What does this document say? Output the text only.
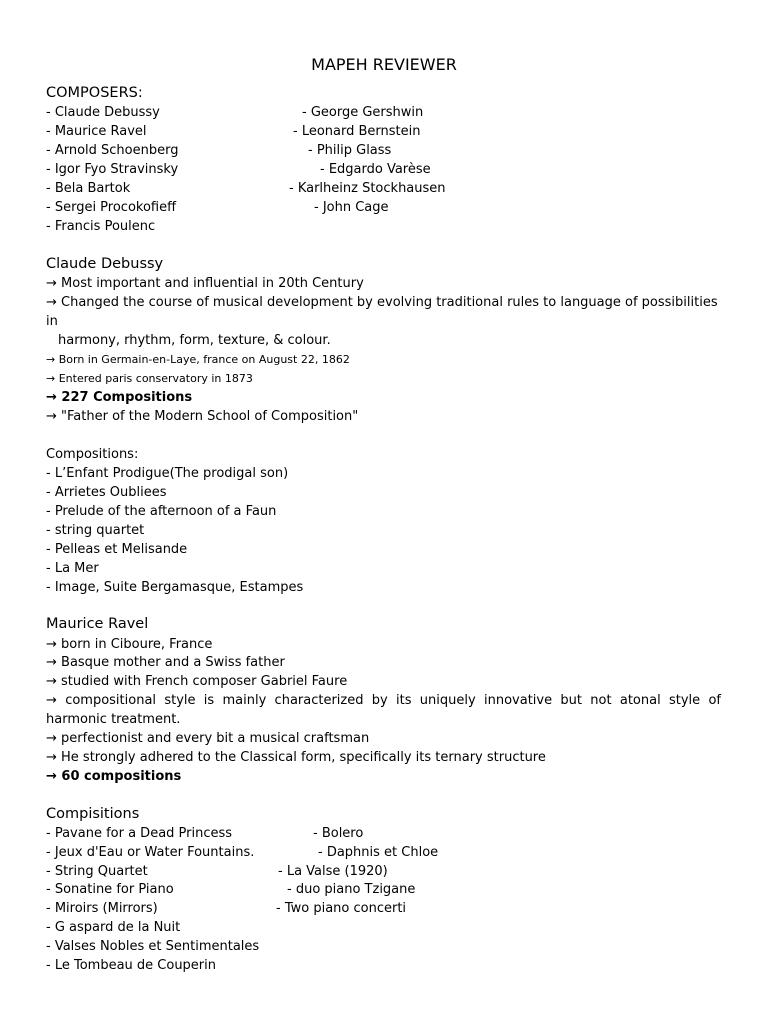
MAPEH REVIEWER
COMPOSERS:
- Claude Debussy
- Maurice Ravel
- Arnold Schoenberg
- Igor Fyo Stravinsky
- Bela Bartok
- Sergei Procokofieff
- Francis Poulenc
- George Gershwin
- Leonard Bernstein
- Philip Glass
- Edgardo Varèse
- Karlheinz Stockhausen
- John Cage
Claude Debussy
→ Most important and influential in 20th Century
→ Changed the course of musical development by evolving traditional rules to language of possibilities
in
harmony, rhythm, form, texture, & colour.
→ Born in Germain-en-Laye, france on August 22, 1862
→ Entered paris conservatory in 1873
→ 227 Compositions
→ "Father of the Modern School of Composition"
Compositions:
- L’Enfant Prodigue(The prodigal son)
- Arrietes Oubliees
- Prelude of the afternoon of a Faun
- string quartet
- Pelleas et Melisande
- La Mer
- Image, Suite Bergamasque, Estampes
Maurice Ravel
→ born in Ciboure, France
→ Basque mother and a Swiss father
→ studied with French composer Gabriel Faure
→ compositional style is mainly characterized by its uniquely innovative but not atonal style of
harmonic treatment.
→ perfectionist and every bit a musical craftsman
→ He strongly adhered to the Classical form, specifically its ternary structure
→ 60 compositions
Compisitions
- Pavane for a Dead Princess
- Jeux d'Eau or Water Fountains.
- String Quartet
- Sonatine for Piano
- Miroirs (Mirrors)
- G aspard de la Nuit
- Valses Nobles et Sentimentales
- Le Tombeau de Couperin
- Bolero
- Daphnis et Chloe
- La Valse (1920)
- duo piano Tzigane
- Two piano concerti
